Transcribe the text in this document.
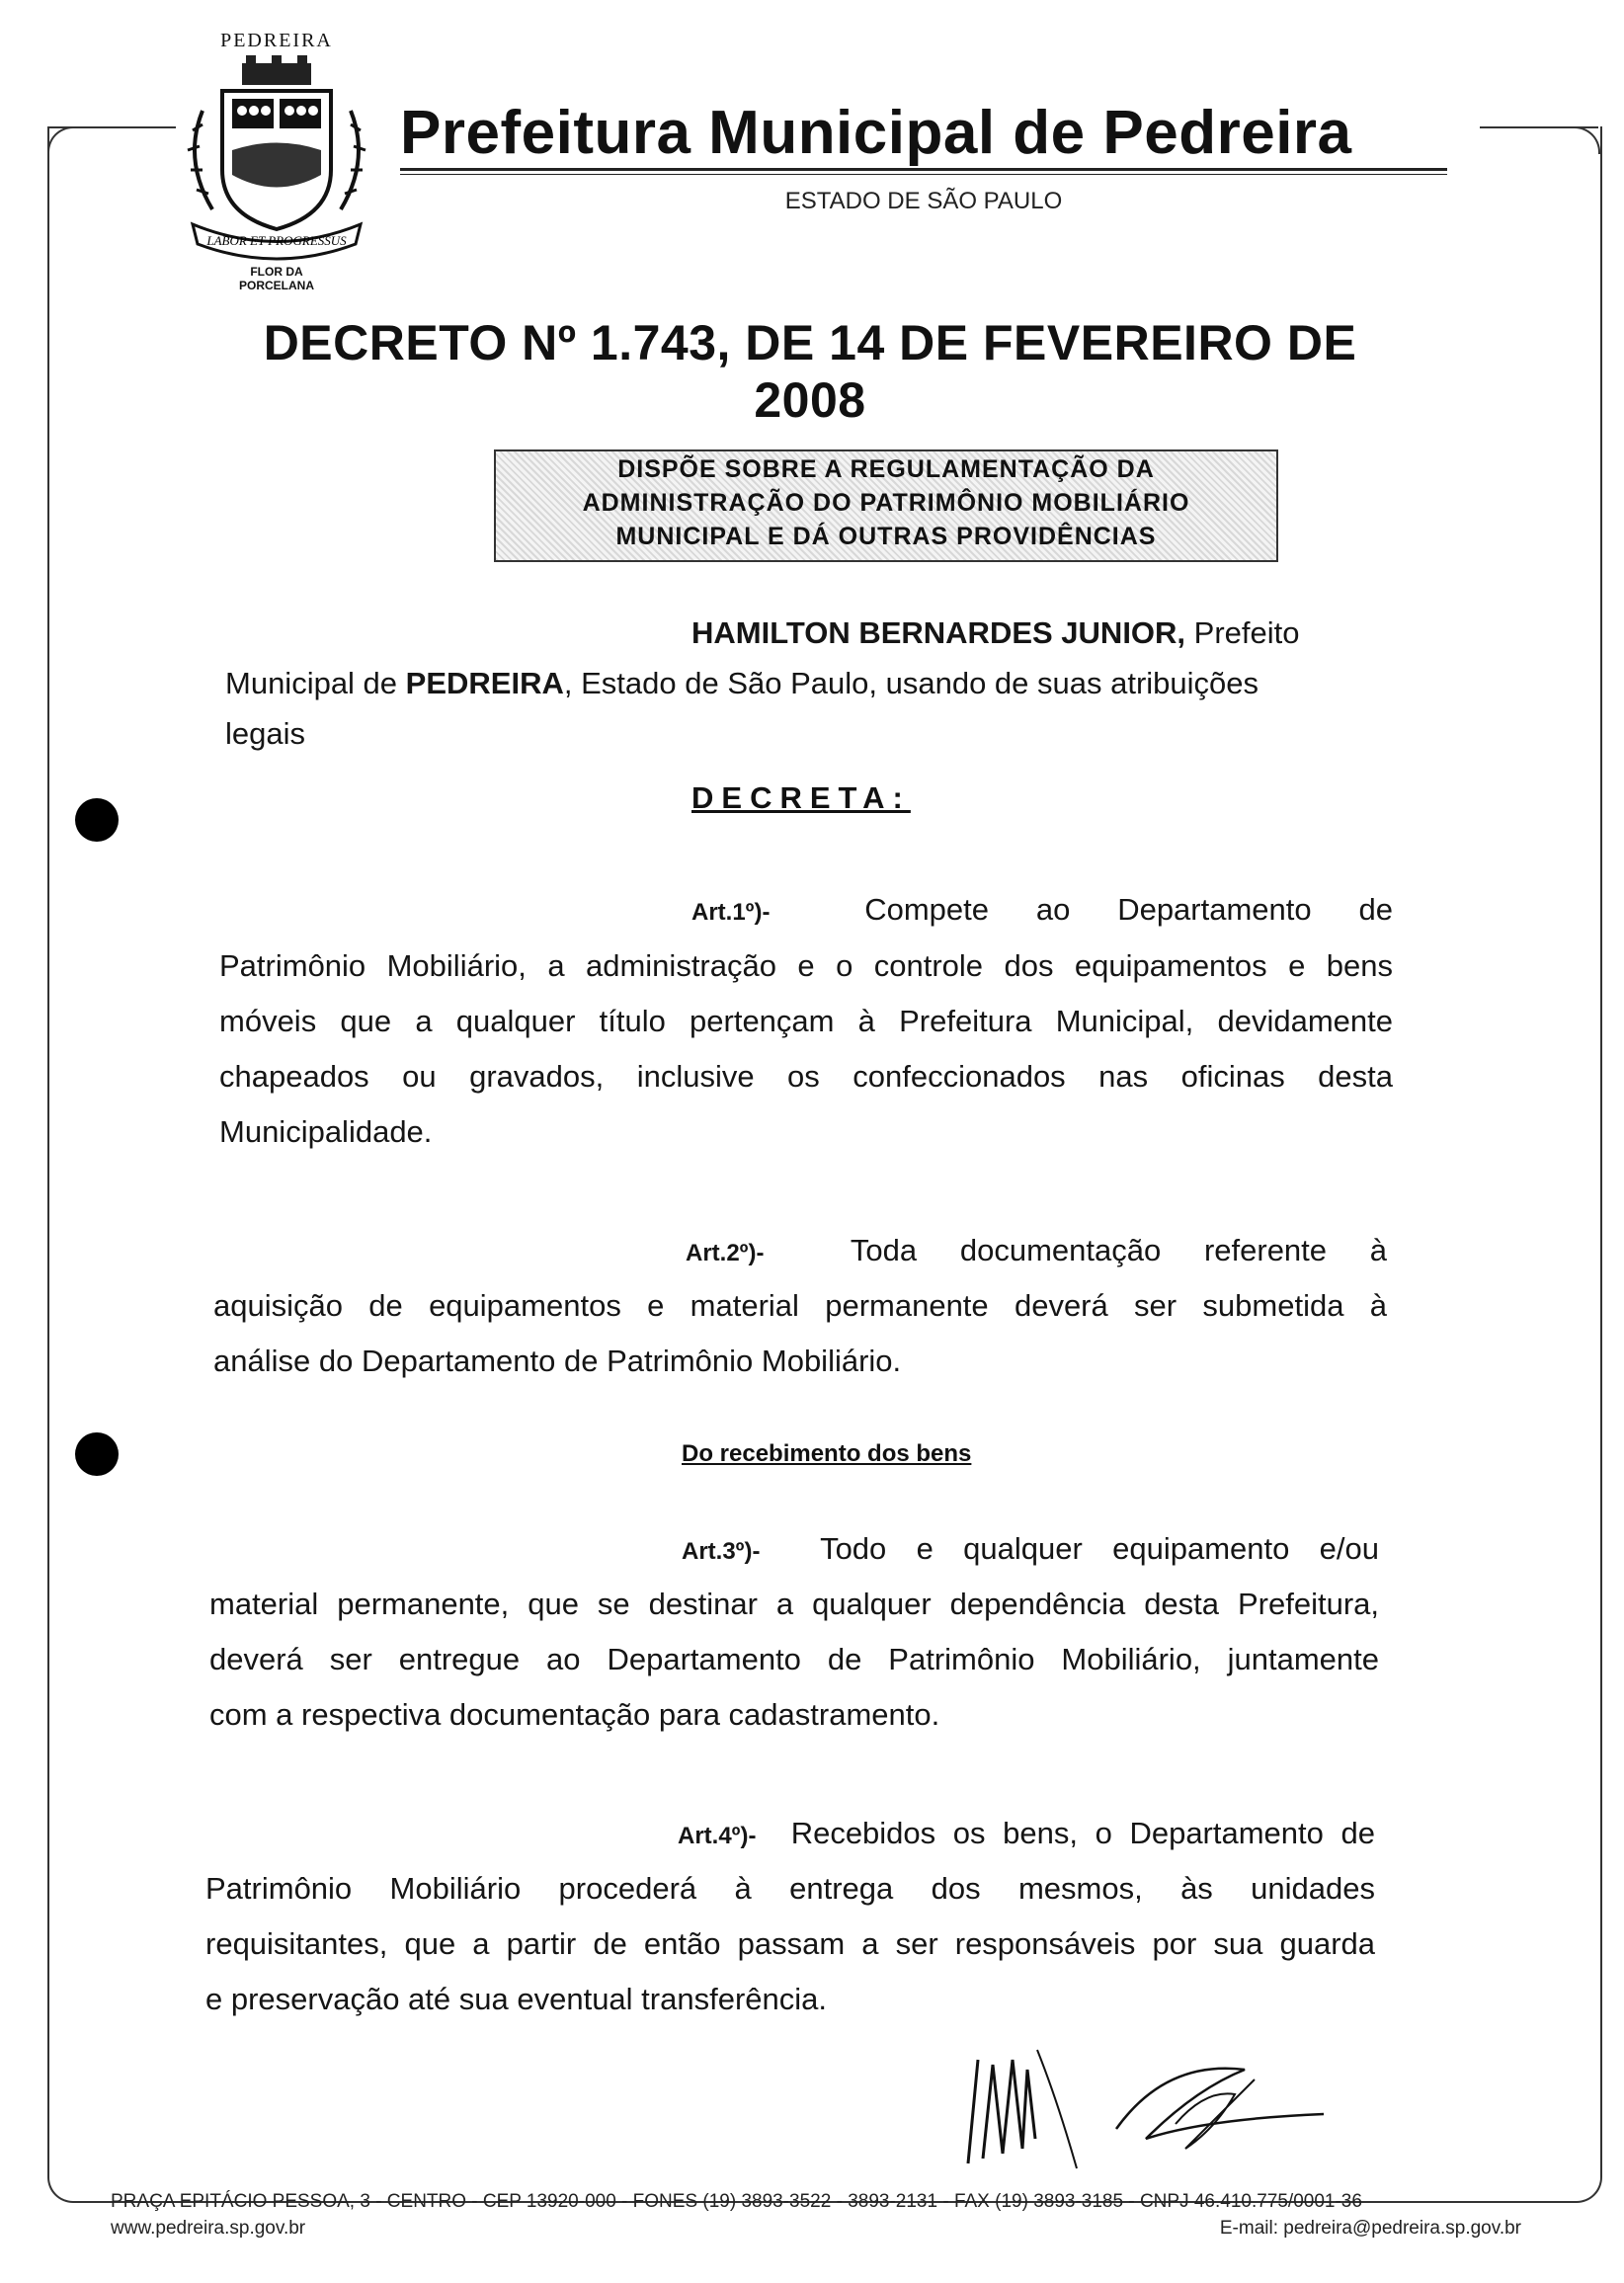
PEDREIRA
LABOR ET PROGRESSUS
FLOR DA
PORCELANA
Prefeitura Municipal de Pedreira
ESTADO DE SÃO PAULO
DECRETO Nº 1.743, DE 14 DE FEVEREIRO DE 2008
DISPÕE SOBRE A REGULAMENTAÇÃO DA
ADMINISTRAÇÃO DO PATRIMÔNIO MOBILIÁRIO
MUNICIPAL E DÁ OUTRAS PROVIDÊNCIAS
HAMILTON BERNARDES JUNIOR, Prefeito
Municipal de PEDREIRA, Estado de São Paulo, usando de suas atribuições
legais
DECRETA:
Art.1º)-	Compete ao Departamento de
Patrimônio Mobiliário, a administração e o controle dos equipamentos e bens
móveis que a qualquer título pertençam à Prefeitura Municipal, devidamente
chapeados ou gravados, inclusive os confeccionados nas oficinas desta
Municipalidade.
Art.2º)-	Toda documentação referente à
aquisição de equipamentos e material permanente deverá ser submetida à
análise do Departamento de Patrimônio Mobiliário.
Do recebimento dos bens
Art.3º)- Todo e qualquer equipamento e/ou
material permanente, que se destinar a qualquer dependência desta Prefeitura,
deverá ser entregue ao Departamento de Patrimônio Mobiliário, juntamente
com a respectiva documentação para cadastramento.
Art.4º)- Recebidos os bens, o Departamento de
Patrimônio Mobiliário procederá à entrega dos mesmos, às unidades
requisitantes, que a partir de então passam a ser responsáveis por sua guarda
e preservação até sua eventual transferência.
PRAÇA EPITÁCIO PESSOA, 3 - CENTRO - CEP 13920-000 - FONES (19) 3893-3522 - 3893-2131 - FAX (19) 3893-3185 - CNPJ 46.410.775/0001-36
www.pedreira.sp.gov.br	E-mail: pedreira@pedreira.sp.gov.br
